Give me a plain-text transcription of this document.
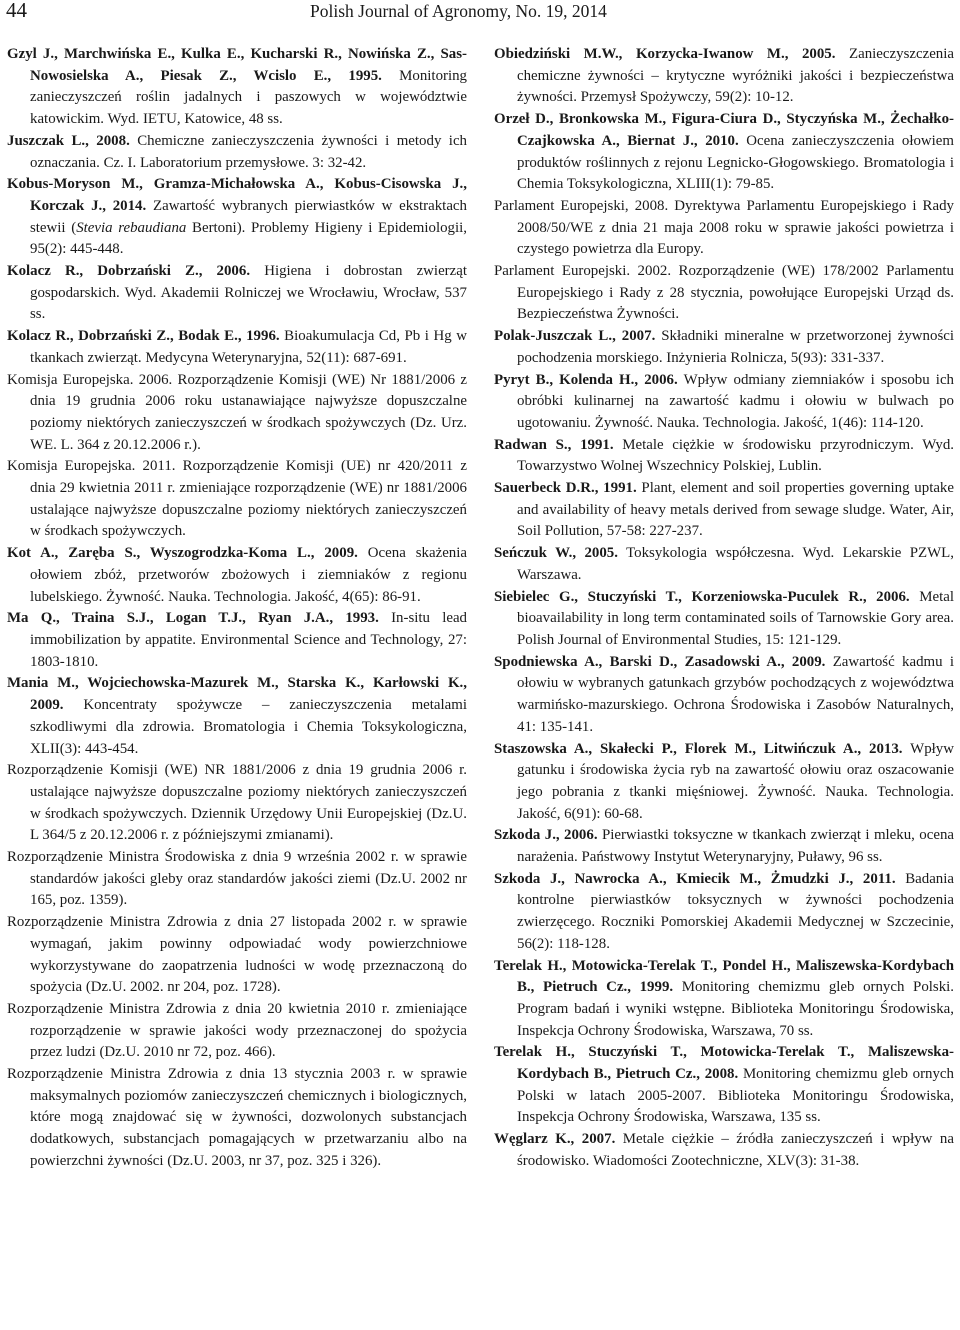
44	Polish Journal of Agronomy, No. 19, 2014

Gzyl J., Marchwińska E., Kulka E., Kucharski R., Nowińska Z., Sas-Nowosielska A., Piesak Z., Wcislo E., 1995. Monitoring zanieczyszczeń roślin jadalnych i paszowych w województwie katowickim. Wyd. IETU, Katowice, 48 ss.

Juszczak L., 2008. Chemiczne zanieczyszczenia żywności i metody ich oznaczania. Cz. I. Laboratorium przemysłowe. 3: 32-42.

Kobus-Moryson M., Gramza-Michałowska A., Kobus-Cisowska J., Korczak J., 2014. Zawartość wybranych pierwiastków w ekstraktach stewii (Stevia rebaudiana Bertoni). Problemy Higieny i Epidemiologii, 95(2): 445-448.

Kolacz R., Dobrzański Z., 2006. Higiena i dobrostan zwierząt gospodarskich. Wyd. Akademii Rolniczej we Wrocławiu, Wrocław, 537 ss.

Kolacz R., Dobrzański Z., Bodak E., 1996. Bioakumulacja Cd, Pb i Hg w tkankach zwierząt. Medycyna Weterynaryjna, 52(11): 687-691.

Komisja Europejska. 2006. Rozporządzenie Komisji (WE) Nr 1881/2006 z dnia 19 grudnia 2006 roku ustanawiające najwyższe dopuszczalne poziomy niektórych zanieczyszczeń w środkach spożywczych (Dz. Urz. WE. L. 364 z 20.12.2006 r.).

Komisja Europejska. 2011. Rozporządzenie Komisji (UE) nr 420/2011 z dnia 29 kwietnia 2011 r. zmieniające rozporządzenie (WE) nr 1881/2006 ustalające najwyższe dopuszczalne poziomy niektórych zanieczyszczeń w środkach spożywczych.

Kot A., Zaręba S., Wyszogrodzka-Koma L., 2009. Ocena skażenia ołowiem zbóż, przetworów zbożowych i ziemniaków z regionu lubelskiego. Żywność. Nauka. Technologia. Jakość, 4(65): 86-91.

Ma Q., Traina S.J., Logan T.J., Ryan J.A., 1993. In-situ lead immobilization by appatite. Environmental Science and Technology, 27: 1803-1810.

Mania M., Wojciechowska-Mazurek M., Starska K., Karłowski K., 2009. Koncentraty spożywcze – zanieczyszczenia metalami szkodliwymi dla zdrowia. Bromatologia i Chemia Toksykologiczna, XLII(3): 443-454.

Rozporządzenie Komisji (WE) NR 1881/2006 z dnia 19 grudnia 2006 r. ustalające najwyższe dopuszczalne poziomy niektórych zanieczyszczeń w środkach spożywczych. Dziennik Urzędowy Unii Europejskiej (Dz.U. L 364/5 z 20.12.2006 r. z późniejszymi zmianami).

Rozporządzenie Ministra Środowiska z dnia 9 września 2002 r. w sprawie standardów jakości gleby oraz standardów jakości ziemi (Dz.U. 2002 nr 165, poz. 1359).

Rozporządzenie Ministra Zdrowia z dnia 27 listopada 2002 r. w sprawie wymagań, jakim powinny odpowiadać wody powierzchniowe wykorzystywane do zaopatrzenia ludności w wodę przeznaczoną do spożycia (Dz.U. 2002. nr 204, poz. 1728).

Rozporządzenie Ministra Zdrowia z dnia 20 kwietnia 2010 r. zmieniające rozporządzenie w sprawie jakości wody przeznaczonej do spożycia przez ludzi (Dz.U. 2010 nr 72, poz. 466).

Rozporządzenie Ministra Zdrowia z dnia 13 stycznia 2003 r. w sprawie maksymalnych poziomów zanieczyszczeń chemicznych i biologicznych, które mogą znajdować się w żywności, dozwolonych substancjach dodatkowych, substancjach pomagających w przetwarzaniu albo na powierzchni żywności (Dz.U. 2003, nr 37, poz. 325 i 326).

Obiedziński M.W., Korzycka-Iwanow M., 2005. Zanieczyszczenia chemiczne żywności – krytyczne wyróżniki jakości i bezpieczeństwa żywności. Przemysł Spożywczy, 59(2): 10-12.

Orzeł D., Bronkowska M., Figura-Ciura D., Styczyńska M., Żechałko-Czajkowska A., Biernat J., 2010. Ocena zanieczyszczenia ołowiem produktów roślinnych z rejonu Legnicko-Głogowskiego. Bromatologia i Chemia Toksykologiczna, XLIII(1): 79-85.

Parlament Europejski, 2008. Dyrektywa Parlamentu Europejskiego i Rady 2008/50/WE z dnia 21 maja 2008 roku w sprawie jakości powietrza i czystego powietrza dla Europy.

Parlament Europejski. 2002. Rozporządzenie (WE) 178/2002 Parlamentu Europejskiego i Rady z 28 stycznia, powołujące Europejski Urząd ds. Bezpieczeństwa Żywności.

Polak-Juszczak L., 2007. Składniki mineralne w przetworzonej żywności pochodzenia morskiego. Inżynieria Rolnicza, 5(93): 331-337.

Pyryt B., Kolenda H., 2006. Wpływ odmiany ziemniaków i sposobu ich obróbki kulinarnej na zawartość kadmu i ołowiu w bulwach po ugotowaniu. Żywność. Nauka. Technologia. Jakość, 1(46): 114-120.

Radwan S., 1991. Metale ciężkie w środowisku przyrodniczym. Wyd. Towarzystwo Wolnej Wszechnicy Polskiej, Lublin.

Sauerbeck D.R., 1991. Plant, element and soil properties governing uptake and availability of heavy metals derived from sewage sludge. Water, Air, Soil Pollution, 57-58: 227-237.

Seńczuk W., 2005. Toksykologia współczesna. Wyd. Lekarskie PZWL, Warszawa.

Siebielec G., Stuczyński T., Korzeniowska-Puculek R., 2006. Metal bioavailability in long term contaminated soils of Tarnowskie Gory area. Polish Journal of Environmental Studies, 15: 121-129.

Spodniewska A., Barski D., Zasadowski A., 2009. Zawartość kadmu i ołowiu w wybranych gatunkach grzybów pochodzących z województwa warmińsko-mazurskiego. Ochrona Środowiska i Zasobów Naturalnych, 41: 135-141.

Staszowska A., Skałecki P., Florek M., Litwińczuk A., 2013. Wpływ gatunku i środowiska życia ryb na zawartość ołowiu oraz oszacowanie jego pobrania z tkanki mięśniowej. Żywność. Nauka. Technologia. Jakość, 6(91): 60-68.

Szkoda J., 2006. Pierwiastki toksyczne w tkankach zwierząt i mleku, ocena narażenia. Państwowy Instytut Weterynaryjny, Puławy, 96 ss.

Szkoda J., Nawrocka A., Kmiecik M., Żmudzki J., 2011. Badania kontrolne pierwiastków toksycznych w żywności pochodzenia zwierzęcego. Roczniki Pomorskiej Akademii Medycznej w Szczecinie, 56(2): 118-128.

Terelak H., Motowicka-Terelak T., Pondel H., Maliszewska-Kordybach B., Pietruch Cz., 1999. Monitoring chemizmu gleb ornych Polski. Program badań i wyniki wstępne. Biblioteka Monitoringu Środowiska, Inspekcja Ochrony Środowiska, Warszawa, 70 ss.

Terelak H., Stuczyński T., Motowicka-Terelak T., Maliszewska-Kordybach B., Pietruch Cz., 2008. Monitoring chemizmu gleb ornych Polski w latach 2005-2007. Biblioteka Monitoringu Środowiska, Inspekcja Ochrony Środowiska, Warszawa, 135 ss.

Węglarz K., 2007. Metale ciężkie – źródła zanieczyszczeń i wpływ na środowisko. Wiadomości Zootechniczne, XLV(3): 31-38.
